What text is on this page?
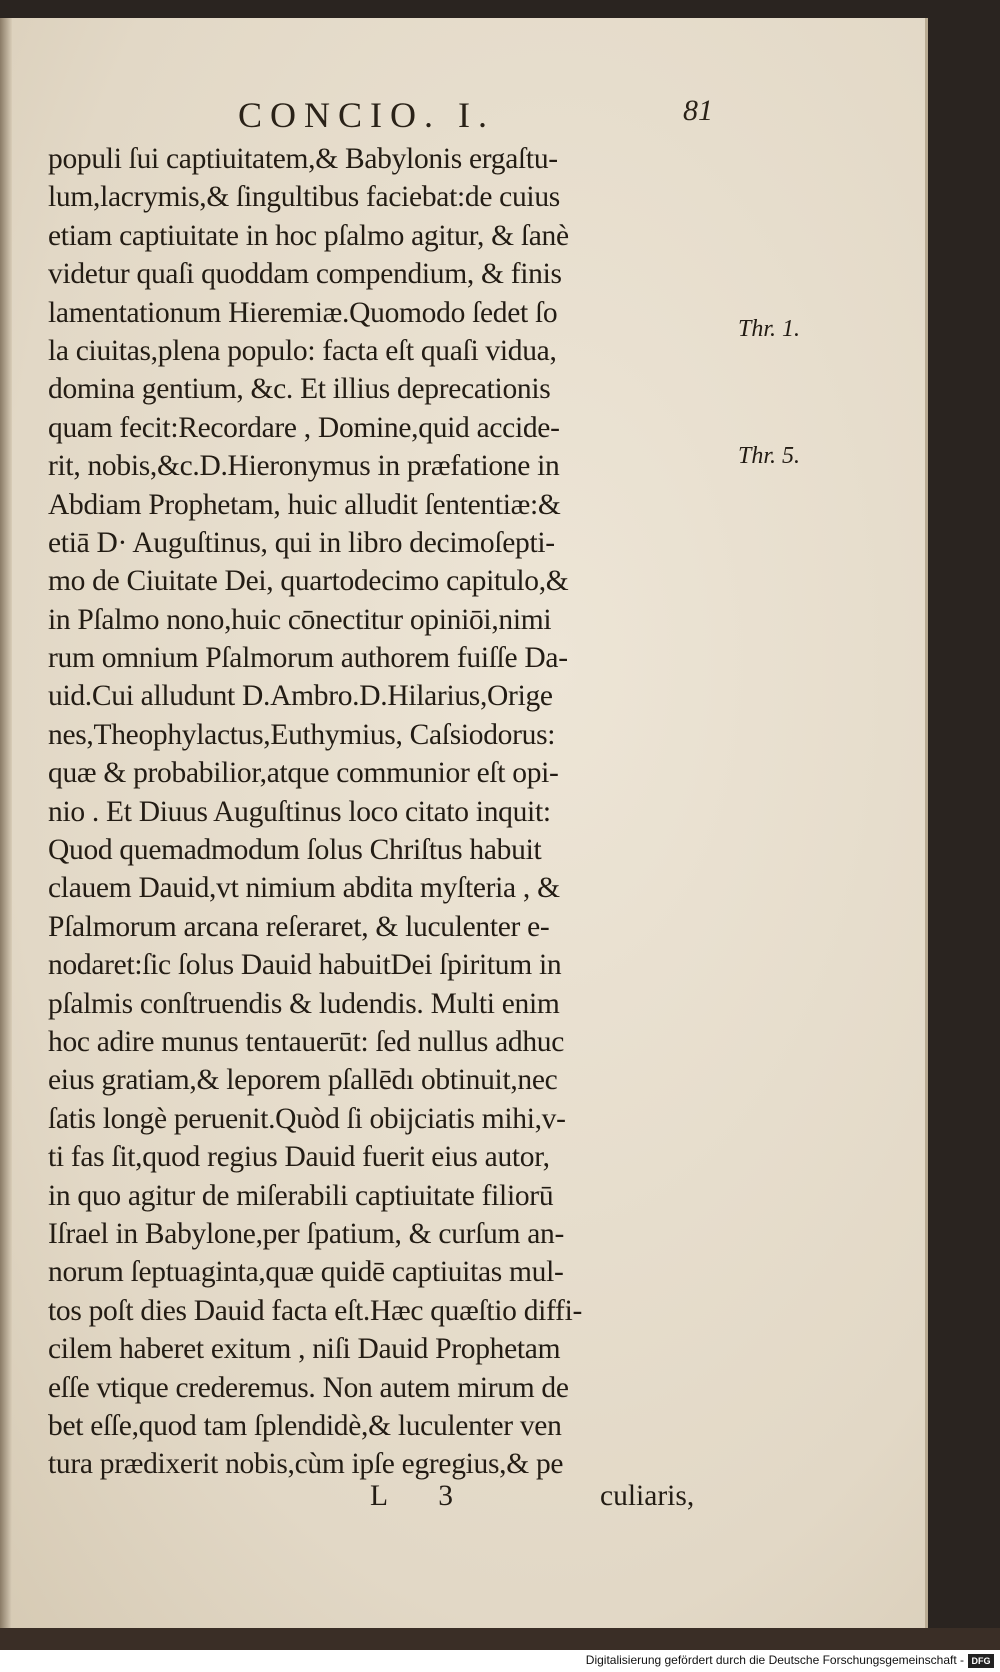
CONCIO. I.	81
populi ſui captiuitatem,& Babylonis ergaſtu-
lum,lacrymis,& ſingultibus faciebat:de cuius
etiam captiuitate in hoc pſalmo agitur, & ſanè
videtur quaſi quoddam compendium, & finis
lamentationum Hieremiæ.Quomodo ſedet ſo
la ciuitas,plena populo: facta eſt quaſi vidua,
domina gentium, &c. Et illius deprecationis
quam fecit:Recordare , Domine,quid accide-
rit, nobis,&c.D.Hieronymus in præfatione in
Abdiam Prophetam, huic alludit ſententiæ:&
etiā D· Auguſtinus, qui in libro decimoſepti-
mo de Ciuitate Dei, quartodecimo capitulo,&
in Pſalmo nono,huic cōnectitur opiniōi,nimi
rum omnium Pſalmorum authorem fuiſſe Da-
uid.Cui alludunt D.Ambro.D.Hilarius,Orige
nes,Theophylactus,Euthymius, Caſsiodorus:
quæ & probabilior,atque communior eſt opi-
nio . Et Diuus Auguſtinus loco citato inquit:
Quod quemadmodum ſolus Chriſtus habuit
clauem Dauid,vt nimium abdita myſteria , &
Pſalmorum arcana reſeraret, & luculenter e-
nodaret:ſic ſolus Dauid habuitDei ſpiritum in
pſalmis conſtruendis & ludendis. Multi enim
hoc adire munus tentauerūt: ſed nullus adhuc
eius gratiam,& leporem pſallēdı obtinuit,nec
ſatis longè peruenit.Quòd ſi obijciatis mihi,v-
ti fas ſit,quod regius Dauid fuerit eius autor,
in quo agitur de miſerabili captiuitate filiorū
Iſrael in Babylone,per ſpatium, & curſum an-
norum ſeptuaginta,quæ quidē captiuitas mul-
tos poſt dies Dauid facta eſt.Hæc quæſtio diffi-
cilem haberet exitum , niſi Dauid Prophetam
eſſe vtique crederemus. Non autem mirum de
bet eſſe,quod tam ſplendidè,& luculenter ven
tura prædixerit nobis,cùm ipſe egregius,& pe
Thr. 1.
Thr. 5.
L 3	culiaris,
Digitalisierung gefördert durch die Deutsche Forschungsgemeinschaft - DFG
